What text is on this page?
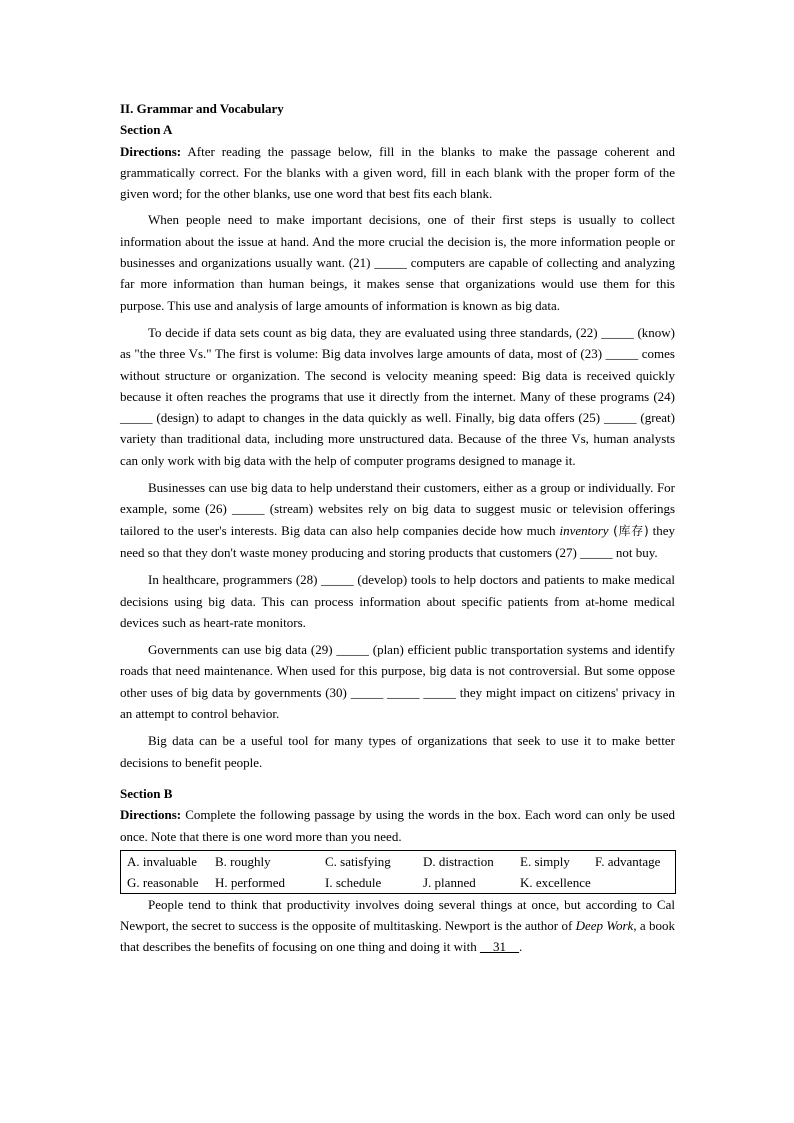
II. Grammar and Vocabulary

Section A

Directions: After reading the passage below, fill in the blanks to make the passage coherent and grammatically correct. For the blanks with a given word, fill in each blank with the proper form of the given word; for the other blanks, use one word that best fits each blank.

When people need to make important decisions, one of their first steps is usually to collect information about the issue at hand. And the more crucial the decision is, the more information people or businesses and organizations usually want. (21) _____ computers are capable of collecting and analyzing far more information than human beings, it makes sense that organizations would use them for this purpose. This use and analysis of large amounts of information is known as big data.

To decide if data sets count as big data, they are evaluated using three standards, (22) _____ (know) as "the three Vs." The first is volume: Big data involves large amounts of data, most of (23) _____ comes without structure or organization. The second is velocity meaning speed: Big data is received quickly because it often reaches the programs that use it directly from the internet. Many of these programs (24) _____ (design) to adapt to changes in the data quickly as well. Finally, big data offers (25) _____ (great) variety than traditional data, including more unstructured data. Because of the three Vs, human analysts can only work with big data with the help of computer programs designed to manage it.

Businesses can use big data to help understand their customers, either as a group or individually. For example, some (26) _____ (stream) websites rely on big data to suggest music or television offerings tailored to the user's interests. Big data can also help companies decide how much inventory (库存) they need so that they don't waste money producing and storing products that customers (27) _____ not buy.

In healthcare, programmers (28) _____ (develop) tools to help doctors and patients to make medical decisions using big data. This can process information about specific patients from at-home medical devices such as heart-rate monitors.

Governments can use big data (29) _____ (plan) efficient public transportation systems and identify roads that need maintenance. When used for this purpose, big data is not controversial. But some oppose other uses of big data by governments (30) _____ _____ _____ they might impact on citizens' privacy in an attempt to control behavior.

Big data can be a useful tool for many types of organizations that seek to use it to make better decisions to benefit people.

Section B

Directions: Complete the following passage by using the words in the box. Each word can only be used once. Note that there is one word more than you need.

A. invaluable	B. roughly	C. satisfying	D. distraction	E. simply	F. advantage
G. reasonable	H. performed	I. schedule	J. planned	K. excellence

People tend to think that productivity involves doing several things at once, but according to Cal Newport, the secret to success is the opposite of multitasking. Newport is the author of Deep Work, a book that describes the benefits of focusing on one thing and doing it with __31__.
